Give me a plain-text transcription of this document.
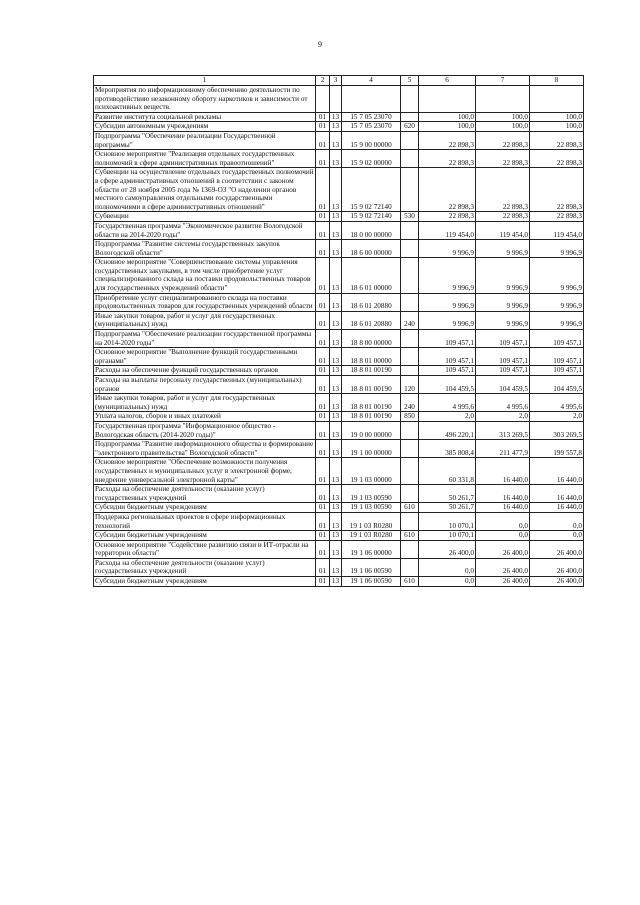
9
1	2	3	4	5	6	7	8
Мероприятия по информационному обеспечению деятельности по противодействию незаконному обороту наркотиков и зависимости от психоактивных веществ.							
Развитие института социальной рекламы	01	13	15 7 05 23070		100,0	100,0	100,0
Субсидии автономным учреждениям	01	13	15 7 05 23070	620	100,0	100,0	100,0
Подпрограмма "Обеспечение реализации Государственной программы"	01	13	15 9 00 00000		22 898,3	22 898,3	22 898,3
Основное мероприятие "Реализация отдельных государственных полномочий в сфере административных правоотношений"	01	13	15 9 02 00000		22 898,3	22 898,3	22 898,3
Субвенции на осуществление отдельных государственных полномочий в сфере административных отношений в соответствии с законом области от 28 ноября 2005 года № 1369-ОЗ "О наделении органов местного самоуправления отдельными государственными полномочиями в сфере административных отношений"	01	13	15 9 02 72140		22 898,3	22 898,3	22 898,3
Субвенции	01	13	15 9 02 72140	530	22 898,3	22 898,3	22 898,3
Государственная программа "Экономическое развитие Вологодской области на 2014-2020 годы"	01	13	18 0 00 00000		119 454,0	119 454,0	119 454,0
Подпрограмма "Развитие системы государственных закупок Вологодской области"	01	13	18 6 00 00000		9 996,9	9 996,9	9 996,9
Основное мероприятие "Совершенствование системы управления государственных закупками, в том числе приобретение услуг специализированного склада на поставки продовольственных товаров для государственных учреждений области"	01	13	18 6 01 00000		9 996,9	9 996,9	9 996,9
Приобретение услуг специализированного склада на поставки продовольственных товаров для государственных учреждений области	01	13	18 6 01 20880		9 996,9	9 996,9	9 996,9
Иные закупки товаров, работ и услуг для государственных (муниципальных) нужд	01	13	18 6 01 20880	240	9 996,9	9 996,9	9 996,9
Подпрограмма "Обеспечение реализации государственной программы на 2014-2020 годы"	01	13	18 8 00 00000		109 457,1	109 457,1	109 457,1
Основное мероприятие "Выполнение функций государственными органами"	01	13	18 8 01 00000		109 457,1	109 457,1	109 457,1
Расходы на обеспечение функций государственных органов	01	13	18 8 01 00190		109 457,1	109 457,1	109 457,1
Расходы на выплаты персоналу государственных (муниципальных) органов	01	13	18 8 01 00190	120	104 459,5	104 459,5	104 459,5
Иные закупки товаров, работ и услуг для государственных (муниципальных) нужд	01	13	18 8 01 00190	240	4 995,6	4 995,6	4 995,6
Уплата налогов, сборов и иных платежей	01	13	18 8 01 00190	850	2,0	2,0	2,0
Государственная программа "Информационное общество - Вологодская область (2014-2020 годы)"	01	13	19 0 00 00000		496 220,1	313 269,5	303 269,5
Подпрограмма "Развитие информационного общества и формирование "электронного правительства" Вологодской области"	01	13	19 1 00 00000		385 808,4	211 477,9	199 557,8
Основное мероприятие "Обеспечение возможности получения государственных и муниципальных услуг в электронной форме, внедрение универсальной электронной карты"	01	13	19 1 03 00000		60 331,8	16 440,0	16 440,0
Расходы на обеспечение деятельности (оказание услуг) государственных учреждений	01	13	19 1 03 00590		50 261,7	16 440,0	16 440,0
Субсидии бюджетным учреждениям	01	13	19 1 03 00590	610	50 261,7	16 440,0	16 440,0
Поддержка региональных проектов в сфере информационных технологий	01	13	19 1 03 R0280		10 070,1	0,0	0,0
Субсидии бюджетным учреждениям	01	13	19 1 03 R0280	610	10 070,1	0,0	0,0
Основное мероприятие "Содействие развитию связи и ИТ-отрасли на территории области"	01	13	19 1 06 00000		26 400,0	26 400,0	26 400,0
Расходы на обеспечение деятельности (оказание услуг) государственных учреждений	01	13	19 1 06 00590		0,0	26 400,0	26 400,0
Субсидии бюджетным учреждениям	01	13	19 1 06 00590	610	0,0	26 400,0	26 400,0
